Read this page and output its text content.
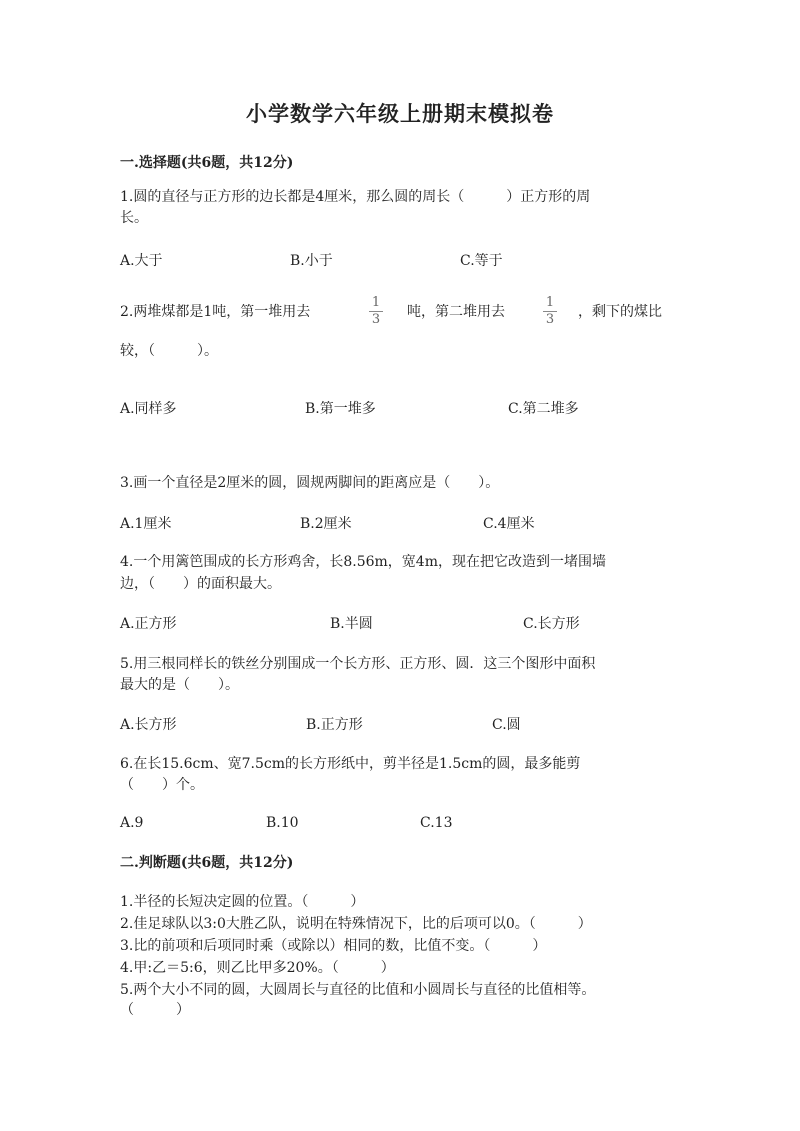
小学数学六年级上册期末模拟卷
一.选择题(共6题，共12分)
1.圆的直径与正方形的边长都是4厘米，那么圆的周长（　　　）正方形的周
长。
A.大于	B.小于	C.等于
2.两堆煤都是1吨，第一堆用去
1
3 吨，第二堆用去
1
3 ，剩下的煤比
较，（　　　）。
A.同样多	B.第一堆多	C.第二堆多
3.画一个直径是2厘米的圆，圆规两脚间的距离应是（　　）。
A.1厘米	B.2厘米	C.4厘米
4.一个用篱笆围成的长方形鸡舍，长8.56m，宽4m，现在把它改造到一堵围墙
边，（　　）的面积最大。
A.正方形	B.半圆	C.长方形
5.用三根同样长的铁丝分别围成一个长方形、正方形、圆．这三个图形中面积
最大的是（　　）。
A.长方形	B.正方形	C.圆
6.在长15.6cm、宽7.5cm的长方形纸中，剪半径是1.5cm的圆，最多能剪
（　　）个。
A.9	B.10	C.13
二.判断题(共6题，共12分)
1.半径的长短决定圆的位置。（　　　）
2.佳足球队以3:0大胜乙队，说明在特殊情况下，比的后项可以0。（　　　）
3.比的前项和后项同时乘（或除以）相同的数，比值不变。（　　　）
4.甲:乙＝5:6，则乙比甲多20%。（　　　）
5.两个大小不同的圆，大圆周长与直径的比值和小圆周长与直径的比值相等。
（　　　）
